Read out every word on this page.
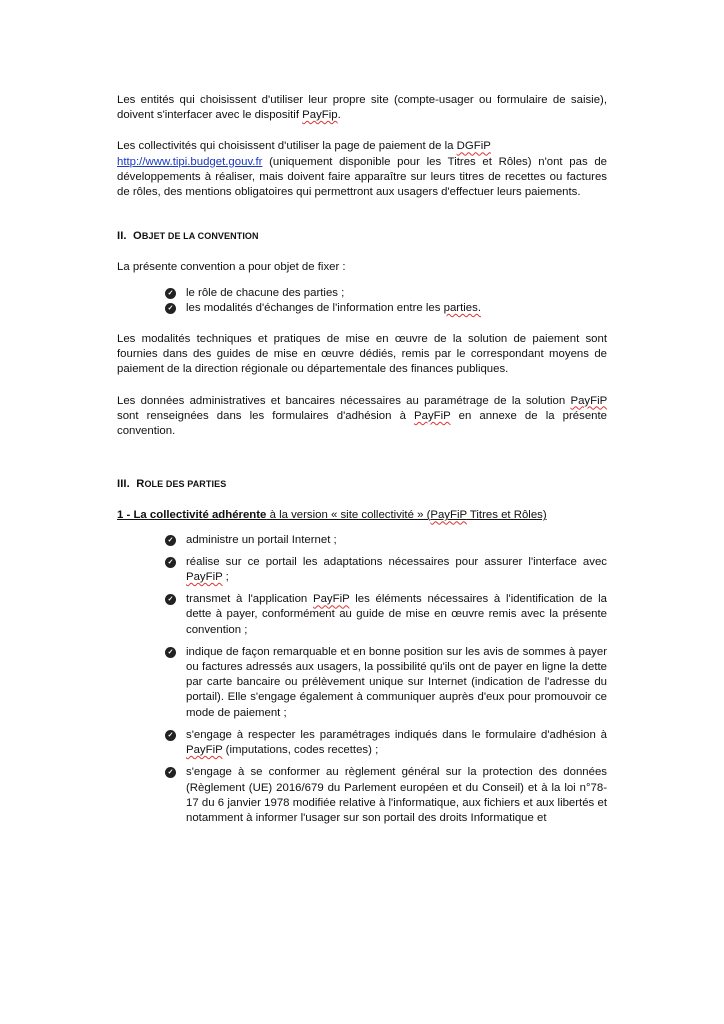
Les entités qui choisissent d'utiliser leur propre site (compte-usager ou formulaire de saisie), doivent s'interfacer avec le dispositif PayFip.

Les collectivités qui choisissent d'utiliser la page de paiement de la DGFiP
http://www.tipi.budget.gouv.fr (uniquement disponible pour les Titres et Rôles) n'ont pas de développements à réaliser, mais doivent faire apparaître sur leurs titres de recettes ou factures de rôles, des mentions obligatoires qui permettront aux usagers d'effectuer leurs paiements.

II. OBJET DE LA CONVENTION

La présente convention a pour objet de fixer :

✓ le rôle de chacune des parties ;
✓ les modalités d'échanges de l'information entre les parties.

Les modalités techniques et pratiques de mise en œuvre de la solution de paiement sont fournies dans des guides de mise en œuvre dédiés, remis par le correspondant moyens de paiement de la direction régionale ou départementale des finances publiques.

Les données administratives et bancaires nécessaires au paramétrage de la solution PayFiP sont renseignées dans les formulaires d'adhésion à PayFiP en annexe de la présente convention.

III. ROLE DES PARTIES

1 - La collectivité adhérente à la version « site collectivité » (PayFiP Titres et Rôles)

✓ administre un portail Internet ;
✓ réalise sur ce portail les adaptations nécessaires pour assurer l'interface avec PayFiP ;
✓ transmet à l'application PayFiP les éléments nécessaires à l'identification de la dette à payer, conformément au guide de mise en œuvre remis avec la présente convention ;
✓ indique de façon remarquable et en bonne position sur les avis de sommes à payer ou factures adressés aux usagers, la possibilité qu'ils ont de payer en ligne la dette par carte bancaire ou prélèvement unique sur Internet (indication de l'adresse du portail). Elle s'engage également à communiquer auprès d'eux pour promouvoir ce mode de paiement ;
✓ s'engage à respecter les paramétrages indiqués dans le formulaire d'adhésion à PayFiP (imputations, codes recettes) ;
✓ s'engage à se conformer au règlement général sur la protection des données (Règlement (UE) 2016/679 du Parlement européen et du Conseil) et à la loi n°78-17 du 6 janvier 1978 modifiée relative à l'informatique, aux fichiers et aux libertés et notamment à informer l'usager sur son portail des droits Informatique et
